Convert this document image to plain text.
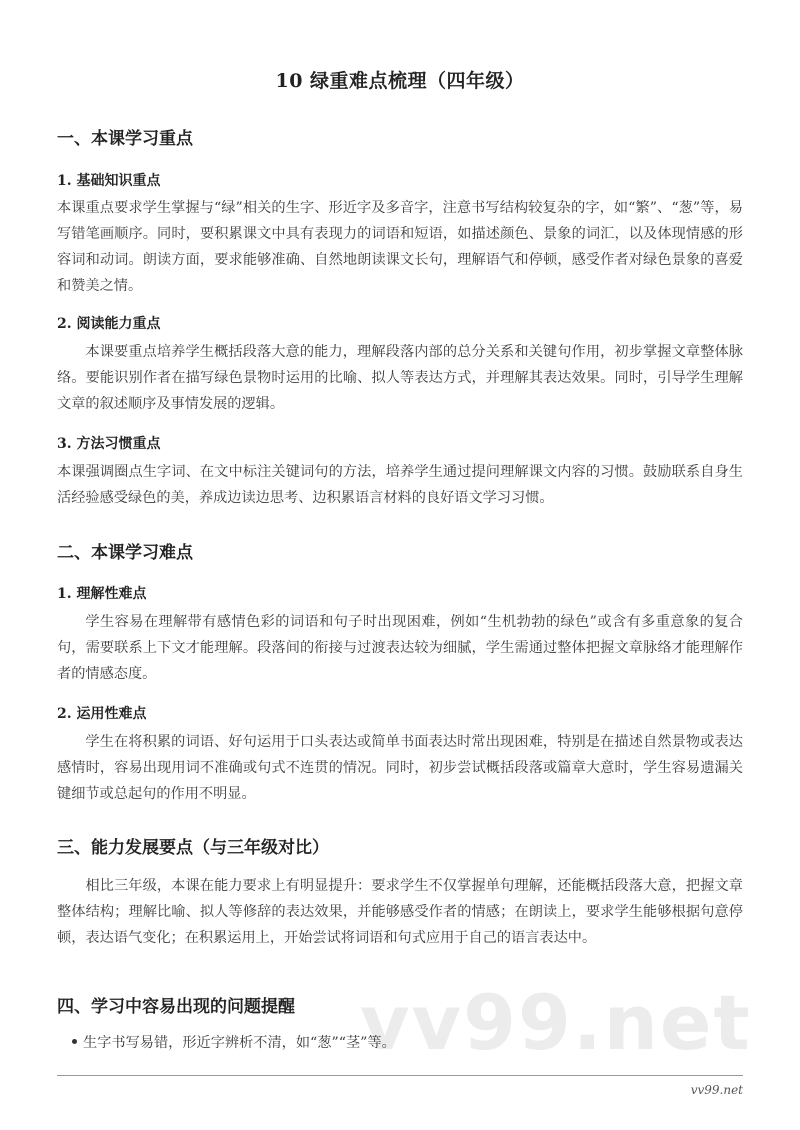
vv99.net
10 绿重难点梳理（四年级）
一、本课学习重点
1. 基础知识重点

本课重点要求学生掌握与“绿”相关的生字、形近字及多音字，注意书写结构较复杂的字，如“繁”、“葱”等，易写错笔画顺序。同时，要积累课文中具有表现力的词语和短语，如描述颜色、景象的词汇，以及体现情感的形容词和动词。朗读方面，要求能够准确、自然地朗读课文长句，理解语气和停顿，感受作者对绿色景象的喜爱和赞美之情。

2. 阅读能力重点

本课要重点培养学生概括段落大意的能力，理解段落内部的总分关系和关键句作用，初步掌握文章整体脉络。要能识别作者在描写绿色景物时运用的比喻、拟人等表达方式，并理解其表达效果。同时，引导学生理解文章的叙述顺序及事情发展的逻辑。

3. 方法习惯重点

本课强调圈点生字词、在文中标注关键词句的方法，培养学生通过提问理解课文内容的习惯。鼓励联系自身生活经验感受绿色的美，养成边读边思考、边积累语言材料的良好语文学习习惯。

二、本课学习难点
1. 理解性难点

学生容易在理解带有感情色彩的词语和句子时出现困难，例如“生机勃勃的绿色”或含有多重意象的复合句，需要联系上下文才能理解。段落间的衔接与过渡表达较为细腻，学生需通过整体把握文章脉络才能理解作者的情感态度。

2. 运用性难点

学生在将积累的词语、好句运用于口头表达或简单书面表达时常出现困难，特别是在描述自然景物或表达感情时，容易出现用词不准确或句式不连贯的情况。同时，初步尝试概括段落或篇章大意时，学生容易遗漏关键细节或总起句的作用不明显。

三、能力发展要点（与三年级对比）

相比三年级，本课在能力要求上有明显提升：要求学生不仅掌握单句理解，还能概括段落大意，把握文章整体结构；理解比喻、拟人等修辞的表达效果，并能够感受作者的情感；在朗读上，要求学生能够根据句意停顿，表达语气变化；在积累运用上，开始尝试将词语和句式应用于自己的语言表达中。

四、学习中容易出现的问题提醒
生字书写易错，形近字辨析不清，如“葱”“茎”等。
vv99.net
